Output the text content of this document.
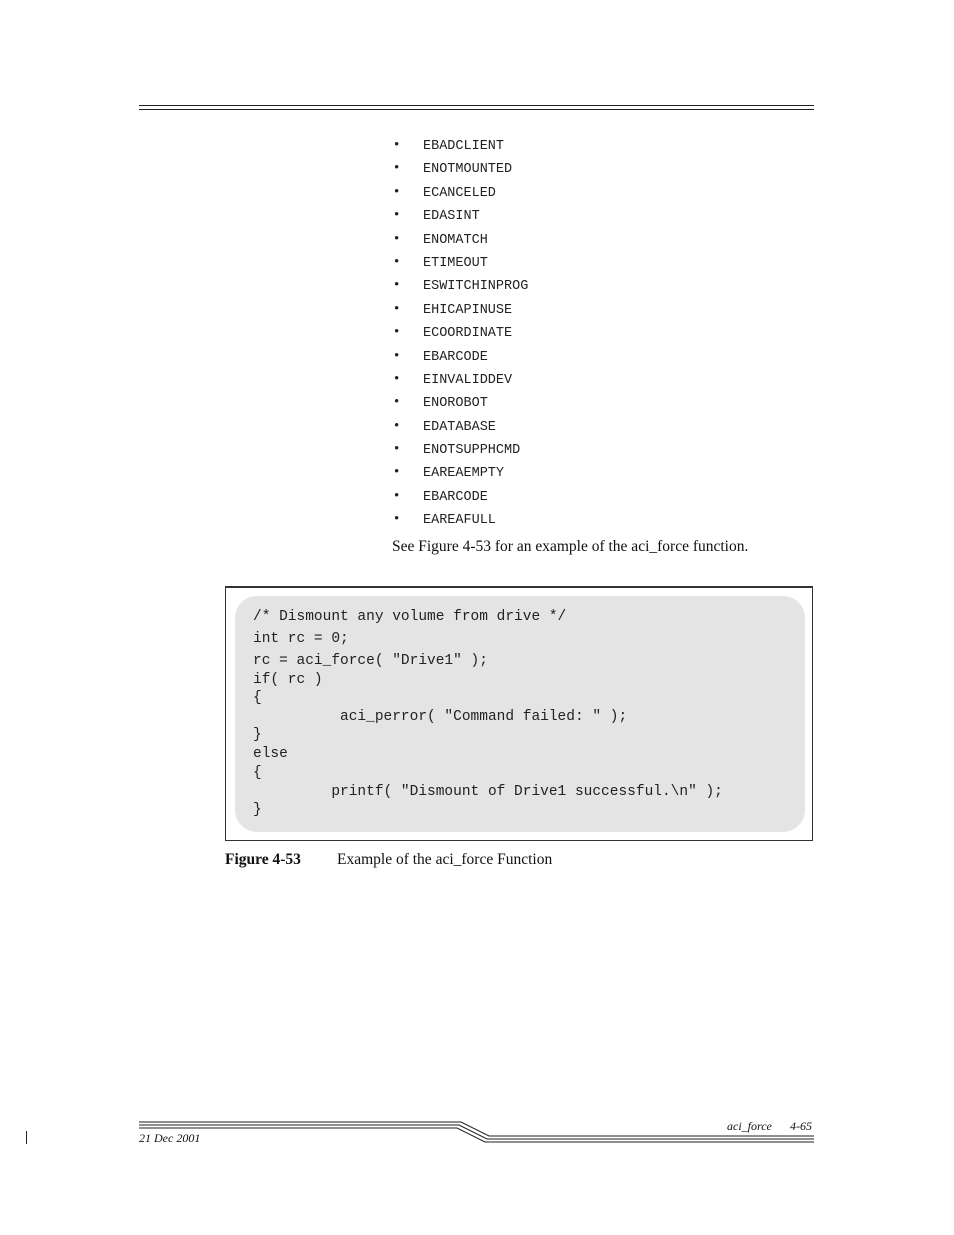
• EBADCLIENT
• ENOTMOUNTED
• ECANCELED
• EDASINT
• ENOMATCH
• ETIMEOUT
• ESWITCHINPROG
• EHICAPINUSE
• ECOORDINATE
• EBARCODE
• EINVALIDDEV
• ENOROBOT
• EDATABASE
• ENOTSUPPHCMD
• EAREAEMPTY
• EBARCODE
• EAREAFULL
See Figure 4-53 for an example of the aci_force function.
/* Dismount any volume from drive */
int rc = 0;
rc = aci_force( "Drive1" );
if( rc )
{
aci_perror( "Command failed: " );
}
else
{
printf( "Dismount of Drive1 successful.\n" );
}
Figure 4-53 Example of the aci_force Function
aci_force 4-65
21 Dec 2001
